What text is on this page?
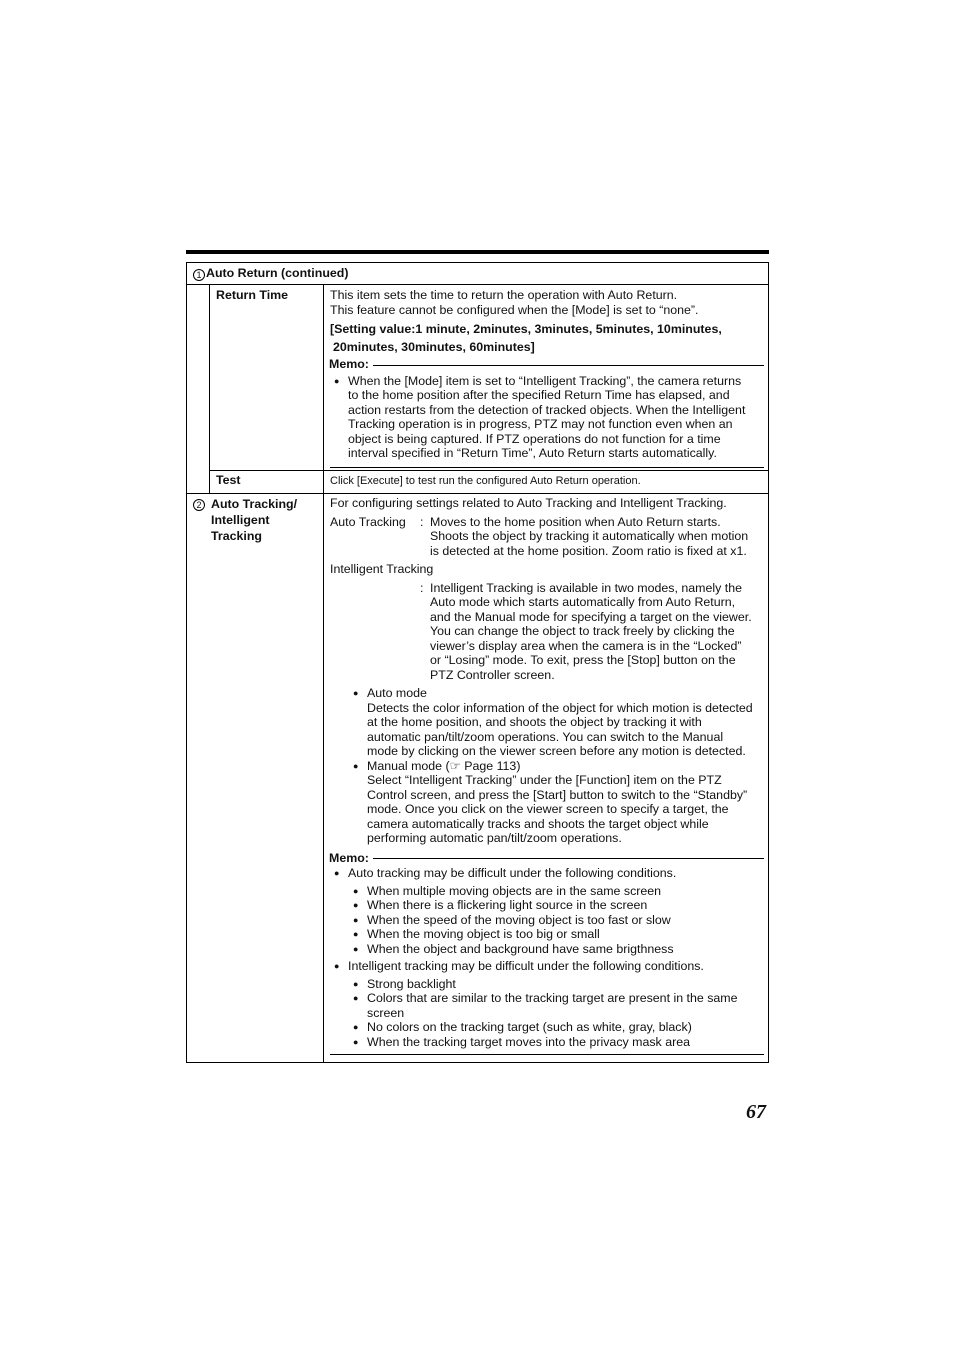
1 Auto Return (continued)
Return Time	This item sets the time to return the operation with Auto Return.

This feature cannot be configured when the [Mode] is set to “none”.

[Setting value:1 minute, 2minutes, 3minutes, 5minutes, 10minutes,

20minutes, 30minutes, 60minutes]

Memo:

● When the [Mode] item is set to “Intelligent Tracking”, the camera returns

to the home position after the specified Return Time has elapsed, and

action restarts from the detection of tracked objects. When the Intelligent

Tracking operation is in progress, PTZ may not function even when an

object is being captured. If PTZ operations do not function for a time

interval specified in “Return Time”, Auto Return starts automatically.

Test	Click [Execute] to test run the configured Auto Return operation.
2 Auto Tracking/
Intelligent
Tracking

For configuring settings related to Auto Tracking and Intelligent Tracking.

Auto Tracking	: Moves to the home position when Auto Return starts.

Shoots the object by tracking it automatically when motion

is detected at the home position. Zoom ratio is fixed at x1.

Intelligent Tracking

: Intelligent Tracking is available in two modes, namely the

Auto mode which starts automatically from Auto Return,

and the Manual mode for specifying a target on the viewer.

You can change the object to track freely by clicking the

viewer’s display area when the camera is in the “Locked”

or “Losing” mode. To exit, press the [Stop] button on the

PTZ Controller screen.

● Auto mode

Detects the color information of the object for which motion is detected

at the home position, and shoots the object by tracking it with

automatic pan/tilt/zoom operations. You can switch to the Manual

mode by clicking on the viewer screen before any motion is detected.

● Manual mode (☞ Page 113)

Select “Intelligent Tracking” under the [Function] item on the PTZ

Control screen, and press the [Start] button to switch to the “Standby”

mode. Once you click on the viewer screen to specify a target, the

camera automatically tracks and shoots the target object while

performing automatic pan/tilt/zoom operations.

Memo:
● Auto tracking may be difficult under the following conditions.
● When multiple moving objects are in the same screen
● When there is a flickering light source in the screen
● When the speed of the moving object is too fast or slow
● When the moving object is too big or small
● When the object and background have same brigthness
● Intelligent tracking may be difficult under the following conditions.
● Strong backlight
● Colors that are similar to the tracking target are present in the same
screen
● No colors on the tracking target (such as white, gray, black)
● When the tracking target moves into the privacy mask area
67
